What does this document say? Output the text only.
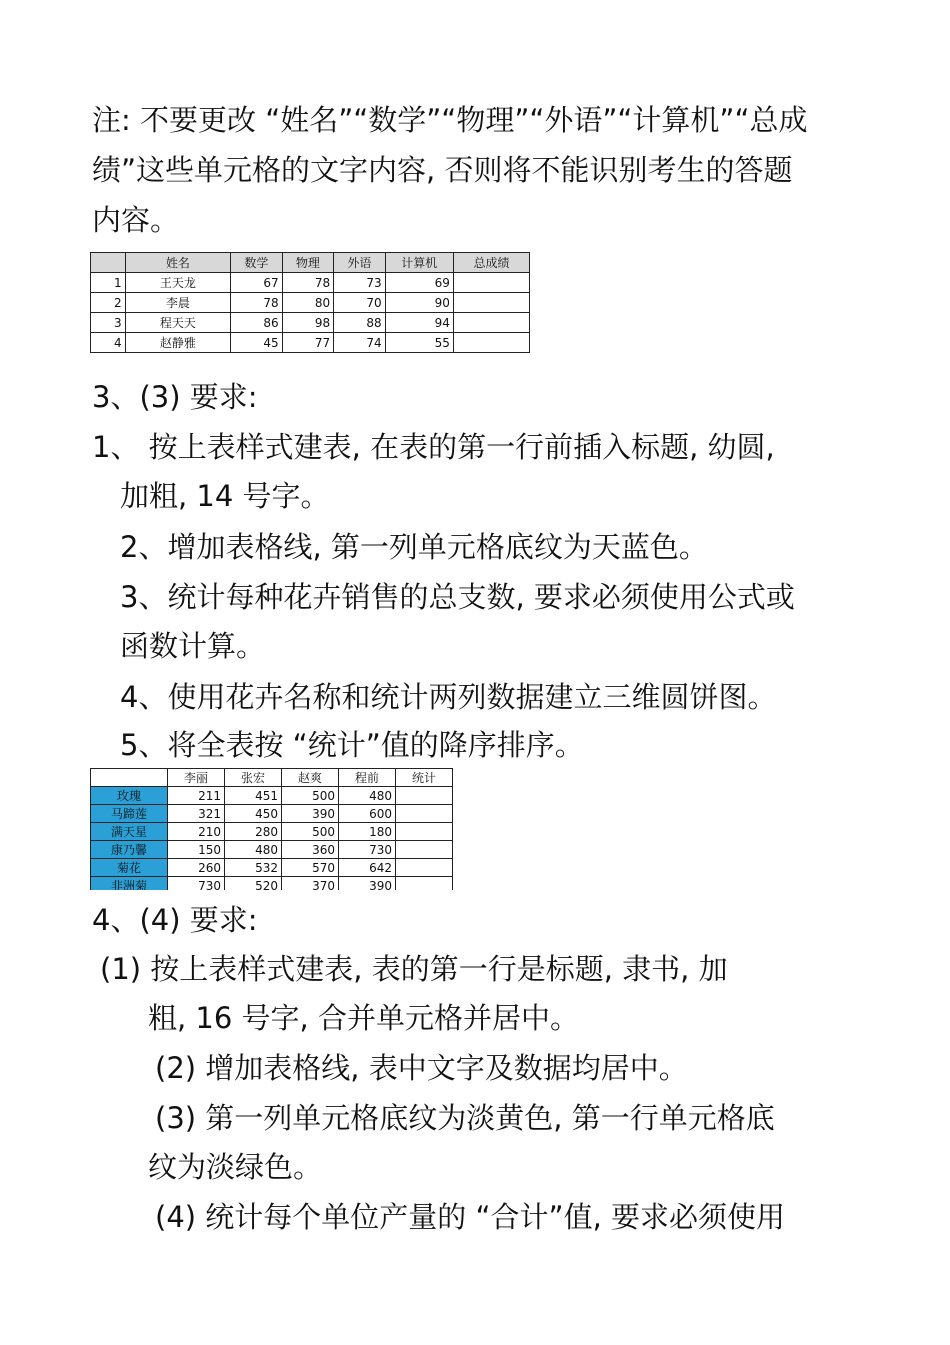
注: 不要更改 “姓名”“数学”“物理”“外语”“计算机”“总成
绩”这些单元格的文字内容, 否则将不能识别考生的答题
内容。
	姓名	数学	物理	外语	计算机	总成绩
1	王天龙	67	78	73	69	
2	李晨	78	80	70	90	
3	程天天	86	98	88	94	
4	赵静雅	45	77	74	55	
3、(3) 要求:
1、 按上表样式建表, 在表的第一行前插入标题, 幼圆,
加粗, 14 号字。
2、增加表格线, 第一列单元格底纹为天蓝色。
3、统计每种花卉销售的总支数, 要求必须使用公式或
函数计算。
4、使用花卉名称和统计两列数据建立三维圆饼图。
5、将全表按 “统计”值的降序排序。
	李丽	张宏	赵爽	程前	统计
玫瑰	211	451	500	480	
马蹄莲	321	450	390	600	
满天星	210	280	500	180	
康乃馨	150	480	360	730	
菊花	260	532	570	642	
非洲菊	730	520	370	390	
4、(4) 要求:
(1) 按上表样式建表, 表的第一行是标题, 隶书, 加
粗, 16 号字, 合并单元格并居中。
(2) 增加表格线, 表中文字及数据均居中。
(3) 第一列单元格底纹为淡黄色, 第一行单元格底
纹为淡绿色。
(4) 统计每个单位产量的 “合计”值, 要求必须使用
